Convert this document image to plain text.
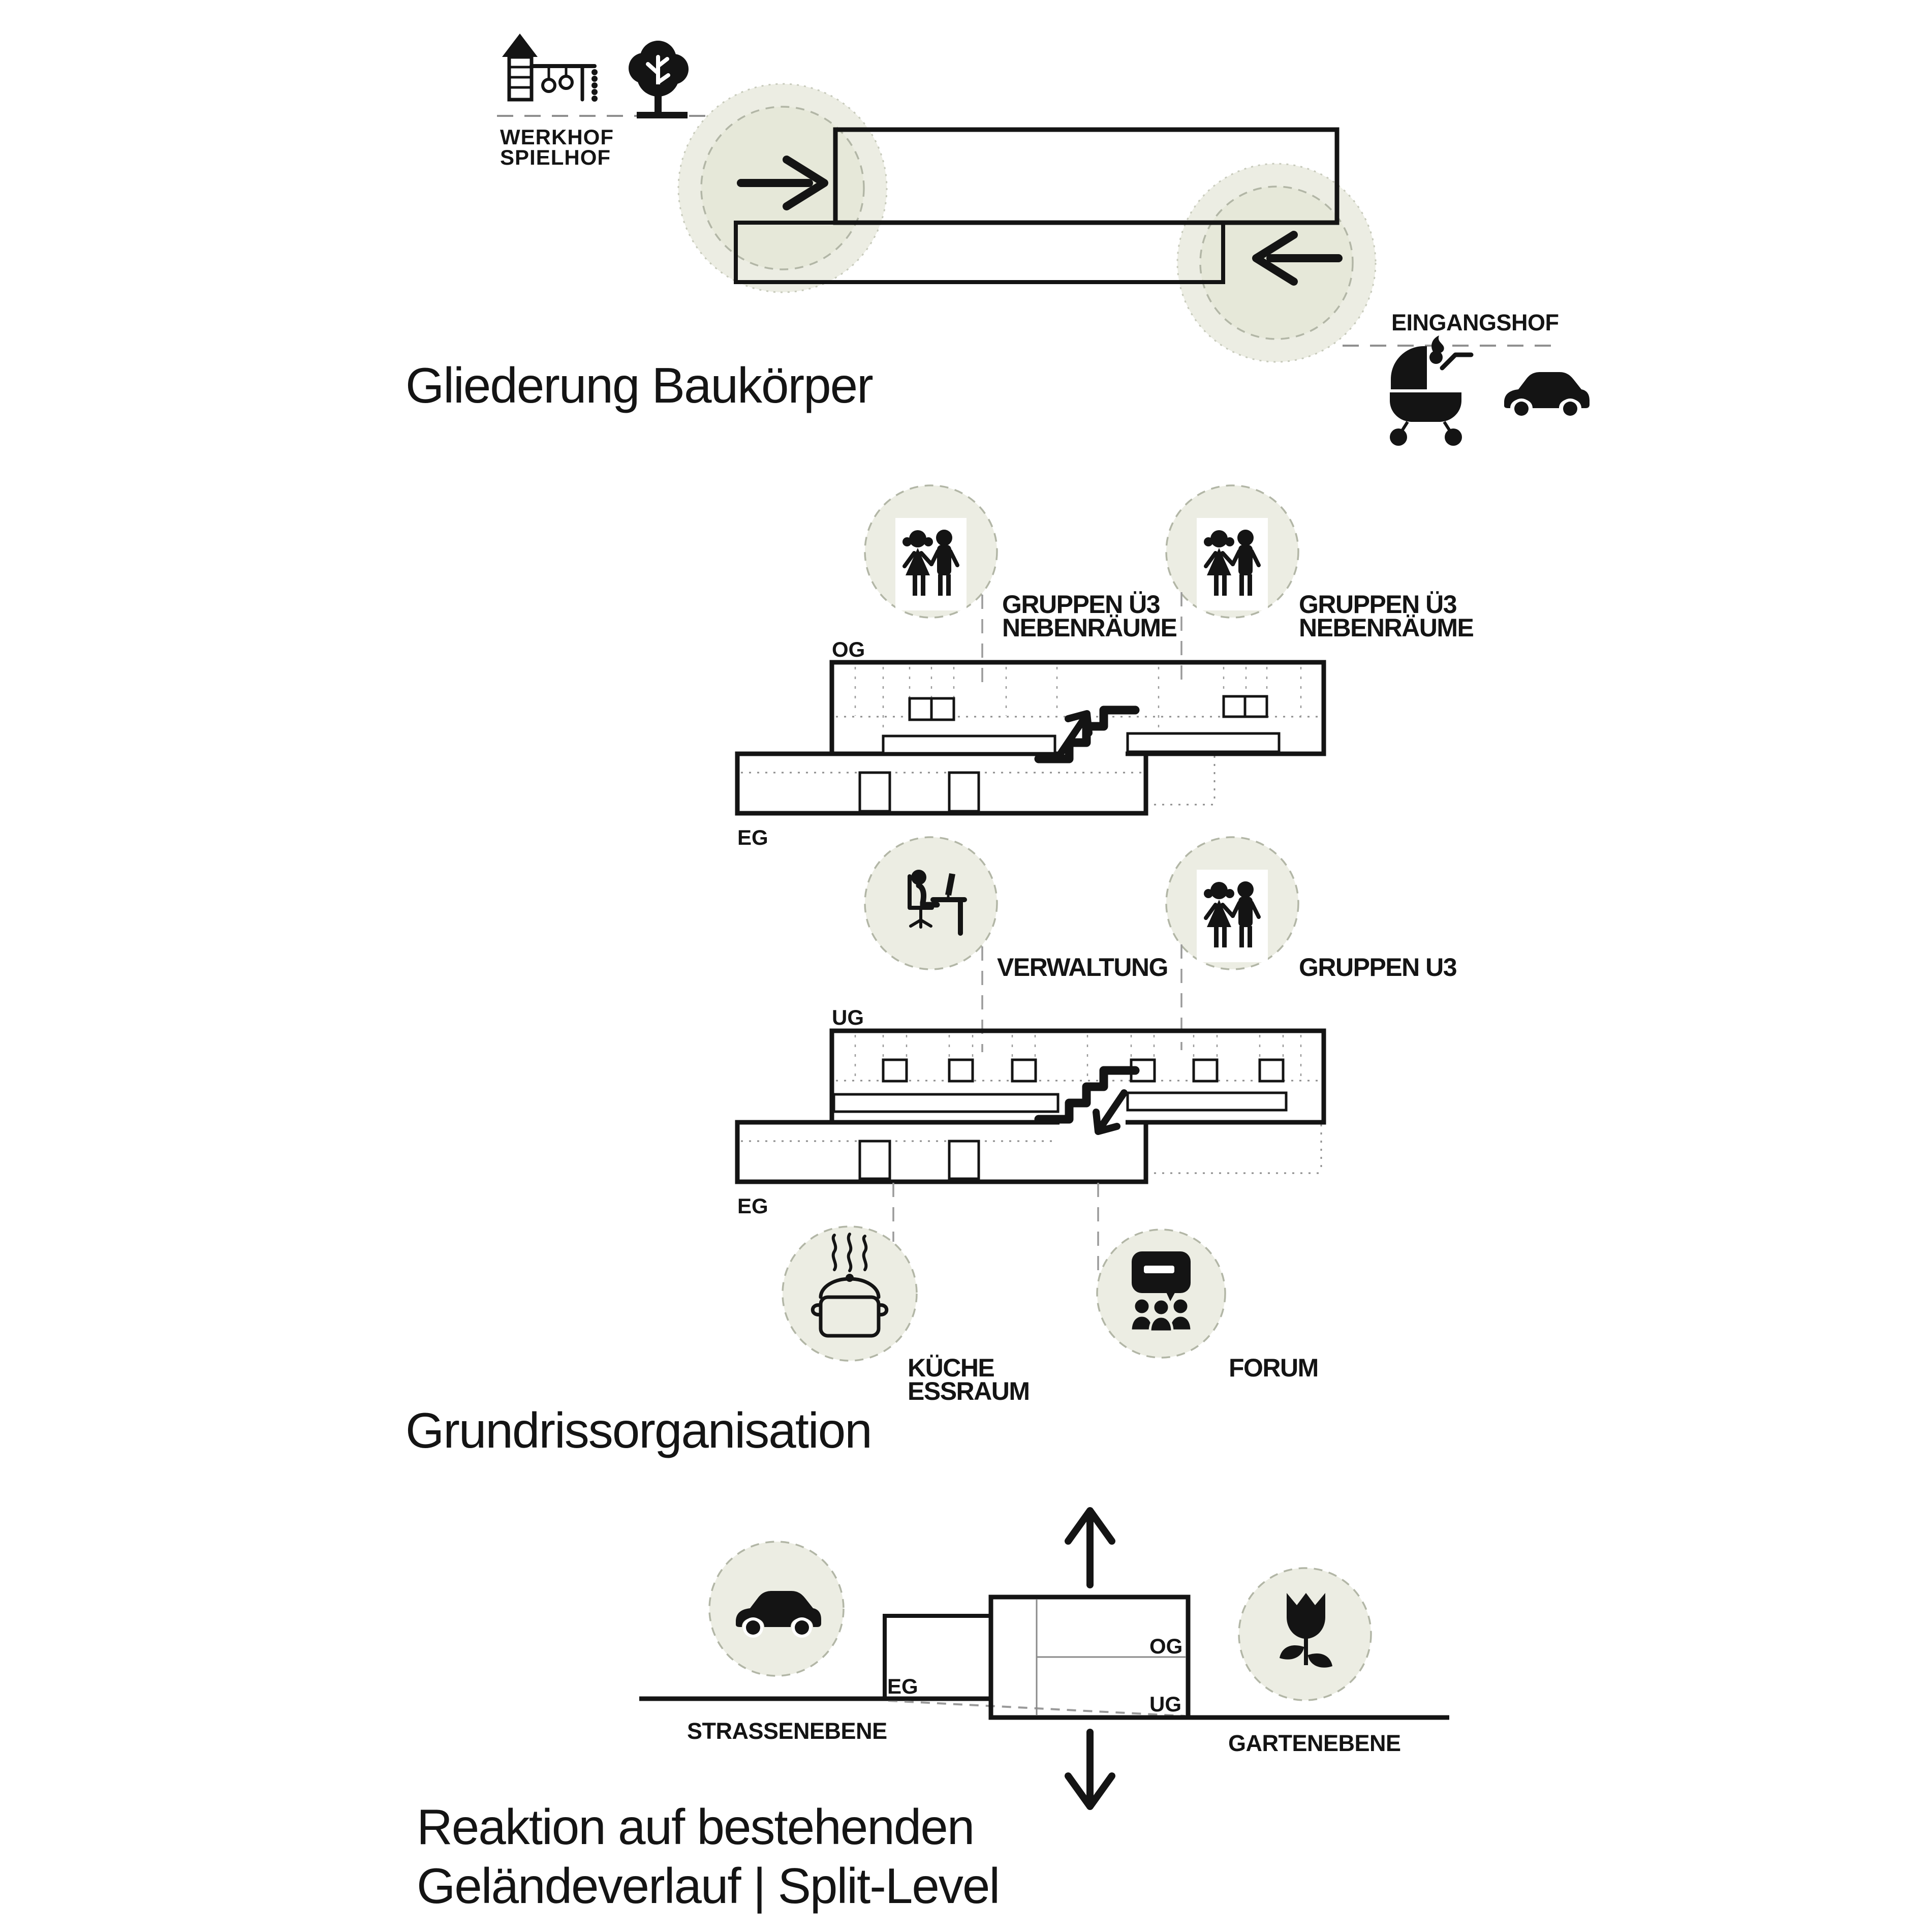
WERKHOF
SPIELHOF
EINGANGSHOF
Gliederung Baukörper
GRUPPEN Ü3
NEBENRÄUME
GRUPPEN Ü3
NEBENRÄUME
OG
EG
VERWALTUNG	GRUPPEN U3
UG
EG
KÜCHE
ESSRAUM
FORUM
Grundrissorganisation
EG
OG
UG
STRASSENEBENE	GARTENEBENE
Reaktion auf bestehenden
Geländeverlauf | Split-Level
